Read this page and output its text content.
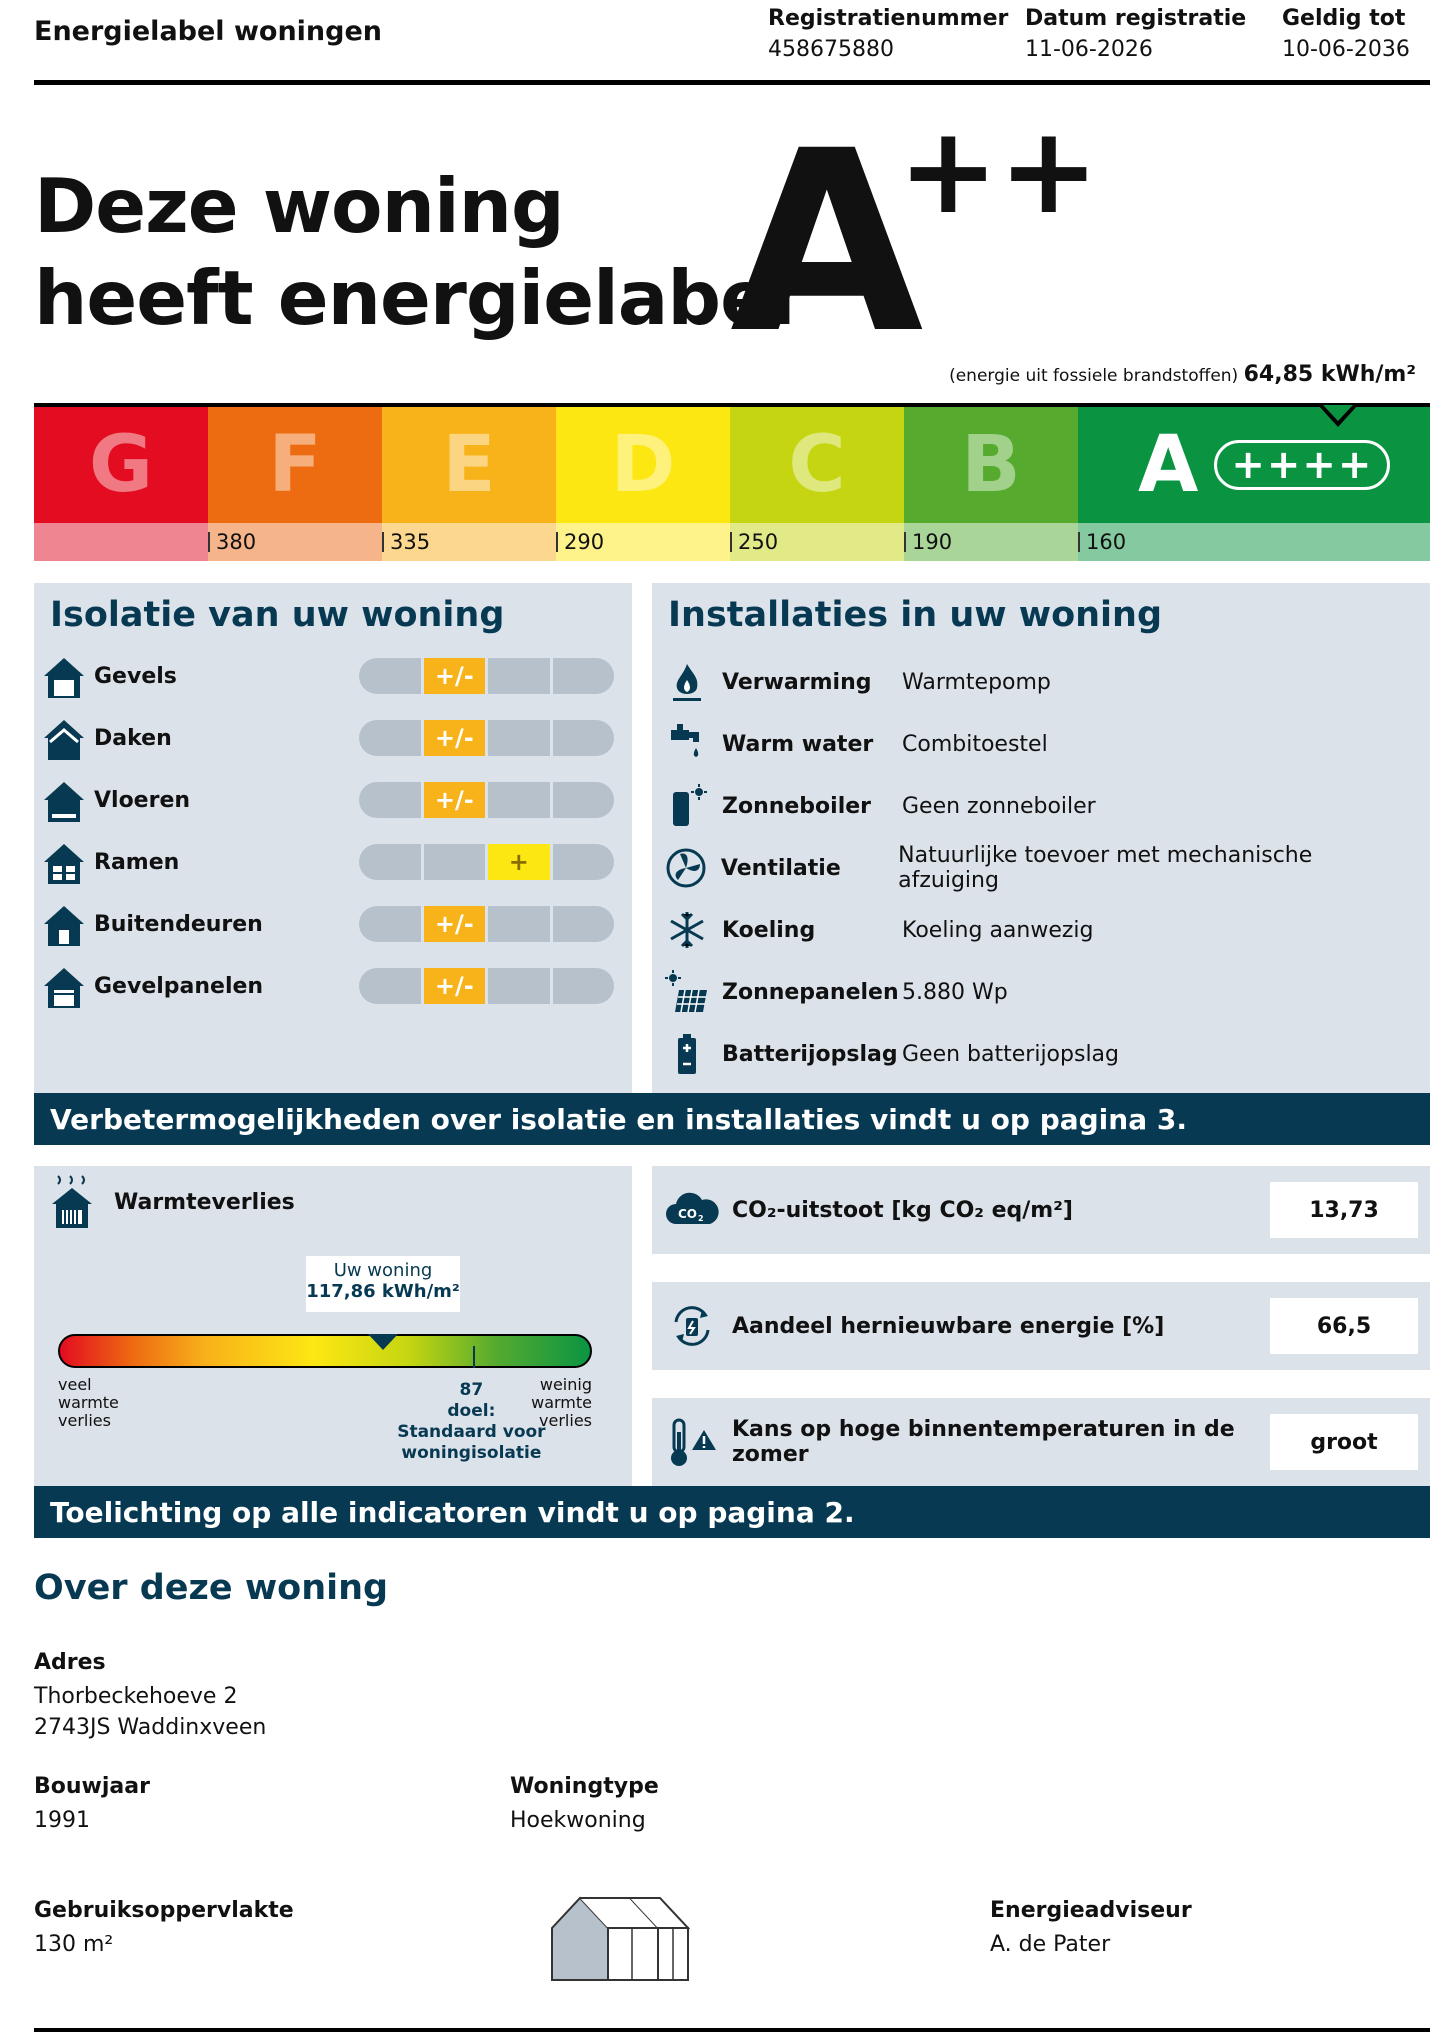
Energielabel woningen	Registratienummer
458675880
Datum registratie
11-06-2026
Geldig tot
10-06-2036
Deze woning
heeft energielabel
A
++
(energie uit fossiele brandstoffen) 64,85 kWh/m²
G F
380
E
335
D
290
C
250
B
190
A ++++
160
Isolatie van uw woning
Gevels	+/-
Daken	+/-
Vloeren	+/-
Ramen	+
Buitendeuren	+/-
Gevelpanelen	+/-
Installaties in uw woning
Verwarming	Warmtepomp
Warm water	Combitoestel
Zonneboiler	Geen zonneboiler
Ventilatie	Natuurlijke toevoer met mechanische afzuiging
Koeling	Koeling aanwezig
Zonnepanelen 5.880 Wp
Batterijopslag Geen batterijopslag
Verbetermogelijkheden over isolatie en installaties vindt u op pagina 3.
Warmteverlies
Uw woning
117,86 kWh/m²
veel warmte verlies
weinig warmte verlies
87
doel:
Standaard voor woningisolatie
CO 2 CO₂-uitstoot [kg CO₂ eq/m²]	13,73
Aandeel hernieuwbare energie [%]	66,5
Kans op hoge binnentemperaturen in de zomer	groot
Toelichting op alle indicatoren vindt u op pagina 2.
Over deze woning
Adres
Thorbeckehoeve 2
2743JS Waddinxveen
Bouwjaar
1991
Woningtype
Hoekwoning
Gebruiksoppervlakte
130 m²
Energieadviseur
A. de Pater
